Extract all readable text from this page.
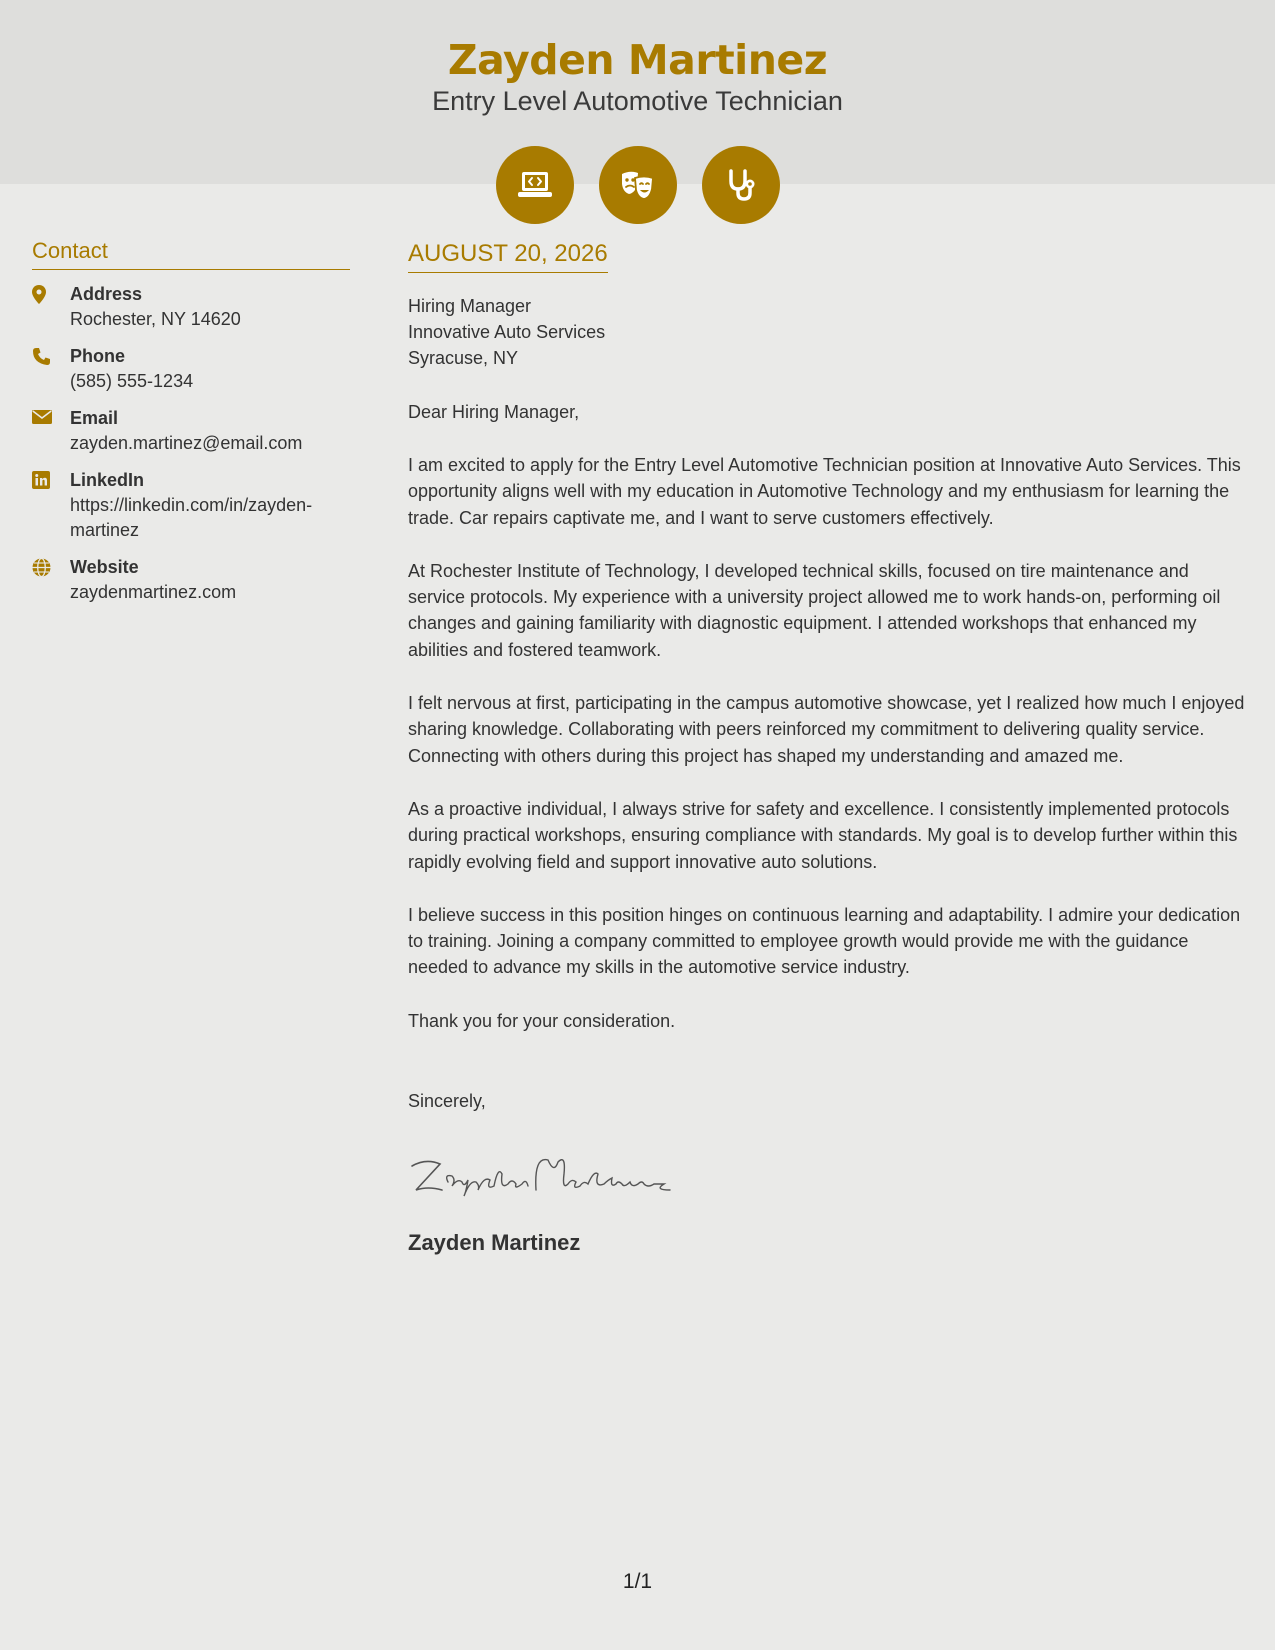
Zayden Martinez
Entry Level Automotive Technician
Contact
Address
Rochester, NY 14620
Phone
(585) 555-1234
Email
zayden.martinez@email.com
LinkedIn
https://linkedin.com/in/zayden-martinez
Website
zaydenmartinez.com
AUGUST 20, 2026
Hiring Manager
Innovative Auto Services
Syracuse, NY
Dear Hiring Manager,
I am excited to apply for the Entry Level Automotive Technician position at Innovative Auto Services. This opportunity aligns well with my education in Automotive Technology and my enthusiasm for learning the trade. Car repairs captivate me, and I want to serve customers effectively.
At Rochester Institute of Technology, I developed technical skills, focused on tire maintenance and service protocols. My experience with a university project allowed me to work hands-on, performing oil changes and gaining familiarity with diagnostic equipment. I attended workshops that enhanced my abilities and fostered teamwork.
I felt nervous at first, participating in the campus automotive showcase, yet I realized how much I enjoyed sharing knowledge. Collaborating with peers reinforced my commitment to delivering quality service. Connecting with others during this project has shaped my understanding and amazed me.
As a proactive individual, I always strive for safety and excellence. I consistently implemented protocols during practical workshops, ensuring compliance with standards. My goal is to develop further within this rapidly evolving field and support innovative auto solutions.
I believe success in this position hinges on continuous learning and adaptability. I admire your dedication to training. Joining a company committed to employee growth would provide me with the guidance needed to advance my skills in the automotive service industry.
Thank you for your consideration.
Sincerely,
Zayden Martinez
1/1
